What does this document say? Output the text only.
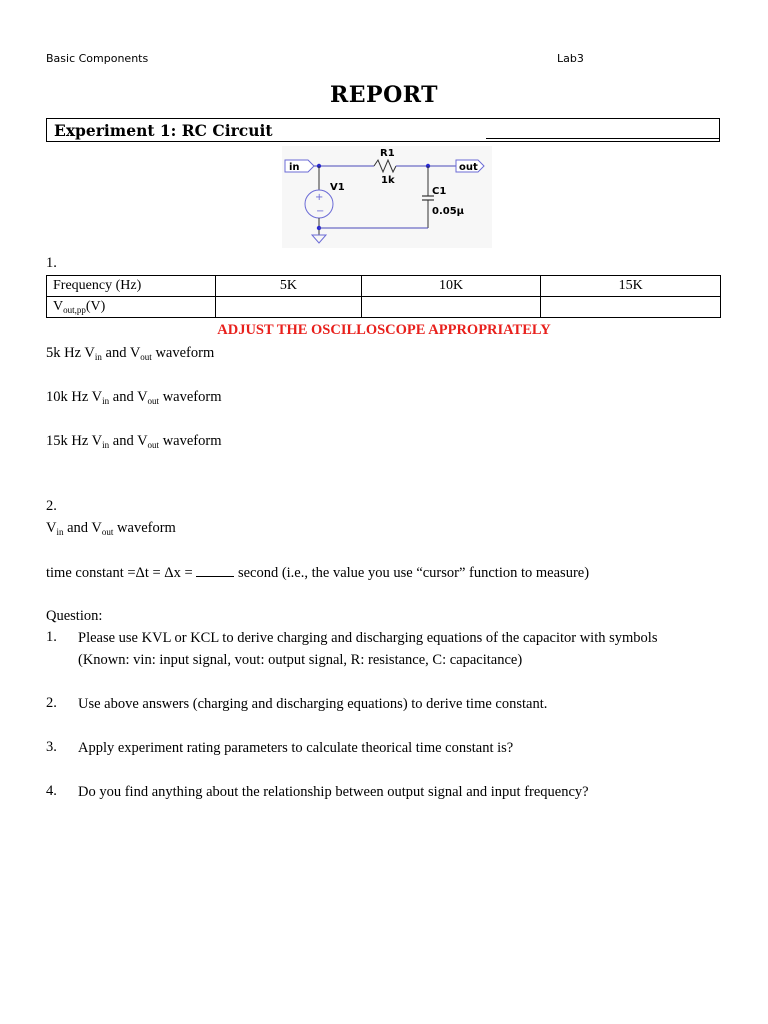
Basic Components	Lab3
REPORT
Experiment 1: RC Circuit
in
R1
1k
out
+
−
V1	C1
0.05μ
1.
Frequency (Hz)	5K	10K	15K
$V_{out,pp}(V)$			
ADJUST THE OSCILLOSCOPE APPROPRIATELY
5k Hz $V_{in}$ and $V_{out}$ waveform
10k Hz $V_{in}$ and $V_{out}$ waveform
15k Hz $V_{in}$ and $V_{out}$ waveform
2.
$V_{in}$ and $V_{out}$ waveform
time constant =Δt = Δx =	second (i.e., the value you use “cursor” function to measure)
Question:
1. Please use KVL or KCL to derive charging and discharging equations of the capacitor with symbols
(Known: vin: input signal, vout: output signal, R: resistance, C: capacitance)
2. Use above answers (charging and discharging equations) to derive time constant.
3. Apply experiment rating parameters to calculate theorical time constant is?
4. Do you find anything about the relationship between output signal and input frequency?
